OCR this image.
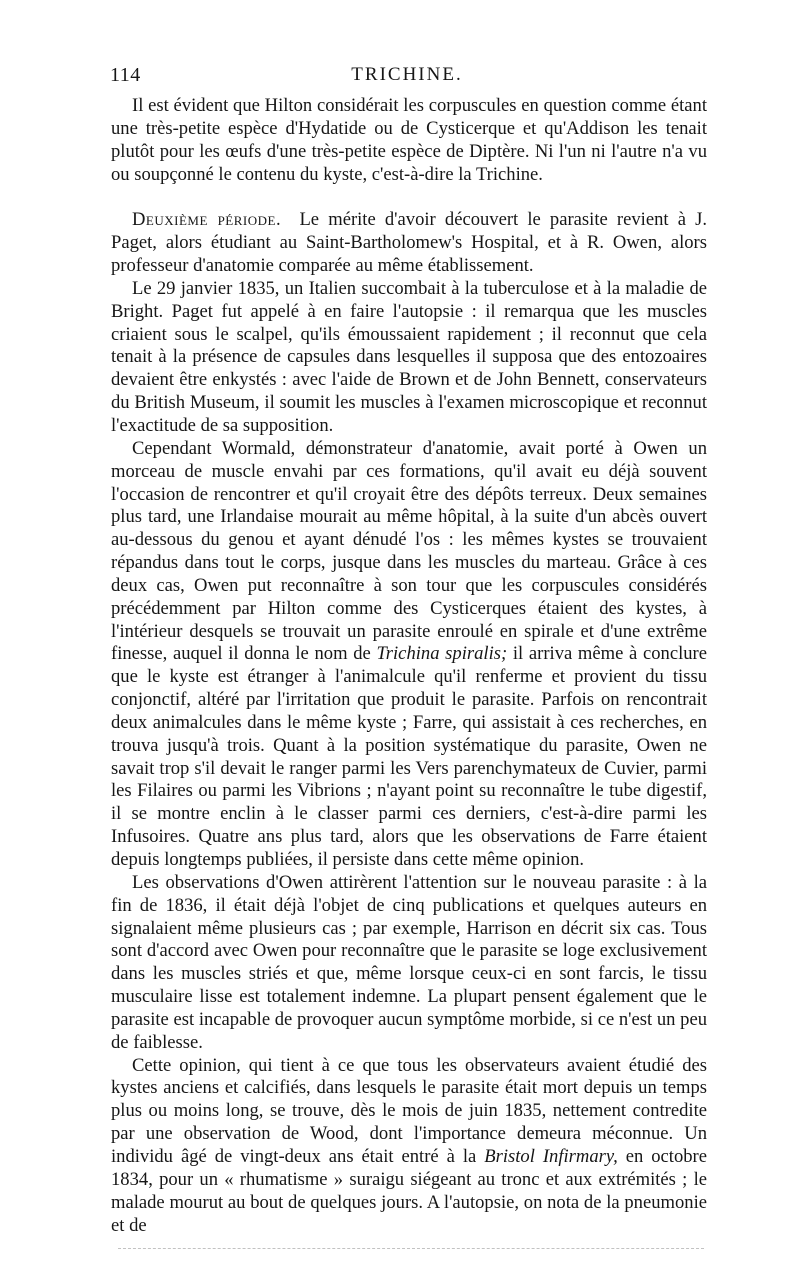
114	TRICHINE.

Il est évident que Hilton considérait les corpuscules en question comme étant une très-petite espèce d'Hydatide ou de Cysticerque et qu'Addison les tenait plutôt pour les œufs d'une très-petite espèce de Diptère. Ni l'un ni l'autre n'a vu ou soupçonné le contenu du kyste, c'est-à-dire la Trichine.

Deuxième période. Le mérite d'avoir découvert le parasite revient à J. Paget, alors étudiant au Saint-Bartholomew's Hospital, et à R. Owen, alors professeur d'anatomie comparée au même établissement.

Le 29 janvier 1835, un Italien succombait à la tuberculose et à la maladie de Bright. Paget fut appelé à en faire l'autopsie : il remarqua que les muscles criaient sous le scalpel, qu'ils émoussaient rapidement ; il reconnut que cela tenait à la présence de capsules dans lesquelles il supposa que des entozoaires devaient être enkystés : avec l'aide de Brown et de John Bennett, conservateurs du British Museum, il soumit les muscles à l'examen microscopique et reconnut l'exactitude de sa supposition.

Cependant Wormald, démonstrateur d'anatomie, avait porté à Owen un morceau de muscle envahi par ces formations, qu'il avait eu déjà souvent l'occasion de rencontrer et qu'il croyait être des dépôts terreux. Deux semaines plus tard, une Irlandaise mourait au même hôpital, à la suite d'un abcès ouvert au-dessous du genou et ayant dénudé l'os : les mêmes kystes se trouvaient répandus dans tout le corps, jusque dans les muscles du marteau. Grâce à ces deux cas, Owen put reconnaître à son tour que les corpuscules considérés précédemment par Hilton comme des Cysticerques étaient des kystes, à l'intérieur desquels se trouvait un parasite enroulé en spirale et d'une extrême finesse, auquel il donna le nom de Trichina spiralis; il arriva même à conclure que le kyste est étranger à l'animalcule qu'il renferme et provient du tissu conjonctif, altéré par l'irritation que produit le parasite. Parfois on rencontrait deux animalcules dans le même kyste ; Farre, qui assistait à ces recherches, en trouva jusqu'à trois. Quant à la position systématique du parasite, Owen ne savait trop s'il devait le ranger parmi les Vers parenchymateux de Cuvier, parmi les Filaires ou parmi les Vibrions ; n'ayant point su reconnaître le tube digestif, il se montre enclin à le classer parmi ces derniers, c'est-à-dire parmi les Infusoires. Quatre ans plus tard, alors que les observations de Farre étaient depuis longtemps publiées, il persiste dans cette même opinion.

Les observations d'Owen attirèrent l'attention sur le nouveau parasite : à la fin de 1836, il était déjà l'objet de cinq publications et quelques auteurs en signalaient même plusieurs cas ; par exemple, Harrison en décrit six cas. Tous sont d'accord avec Owen pour reconnaître que le parasite se loge exclusivement dans les muscles striés et que, même lorsque ceux-ci en sont farcis, le tissu musculaire lisse est totalement indemne. La plupart pensent également que le parasite est incapable de provoquer aucun symptôme morbide, si ce n'est un peu de faiblesse.

Cette opinion, qui tient à ce que tous les observateurs avaient étudié des kystes anciens et calcifiés, dans lesquels le parasite était mort depuis un temps plus ou moins long, se trouve, dès le mois de juin 1835, nettement contredite par une observation de Wood, dont l'importance demeura méconnue. Un individu âgé de vingt-deux ans était entré à la Bristol Infirmary, en octobre 1834, pour un « rhumatisme » suraigu siégeant au tronc et aux extrémités ; le malade mourut au bout de quelques jours. A l'autopsie, on nota de la pneumonie et de
